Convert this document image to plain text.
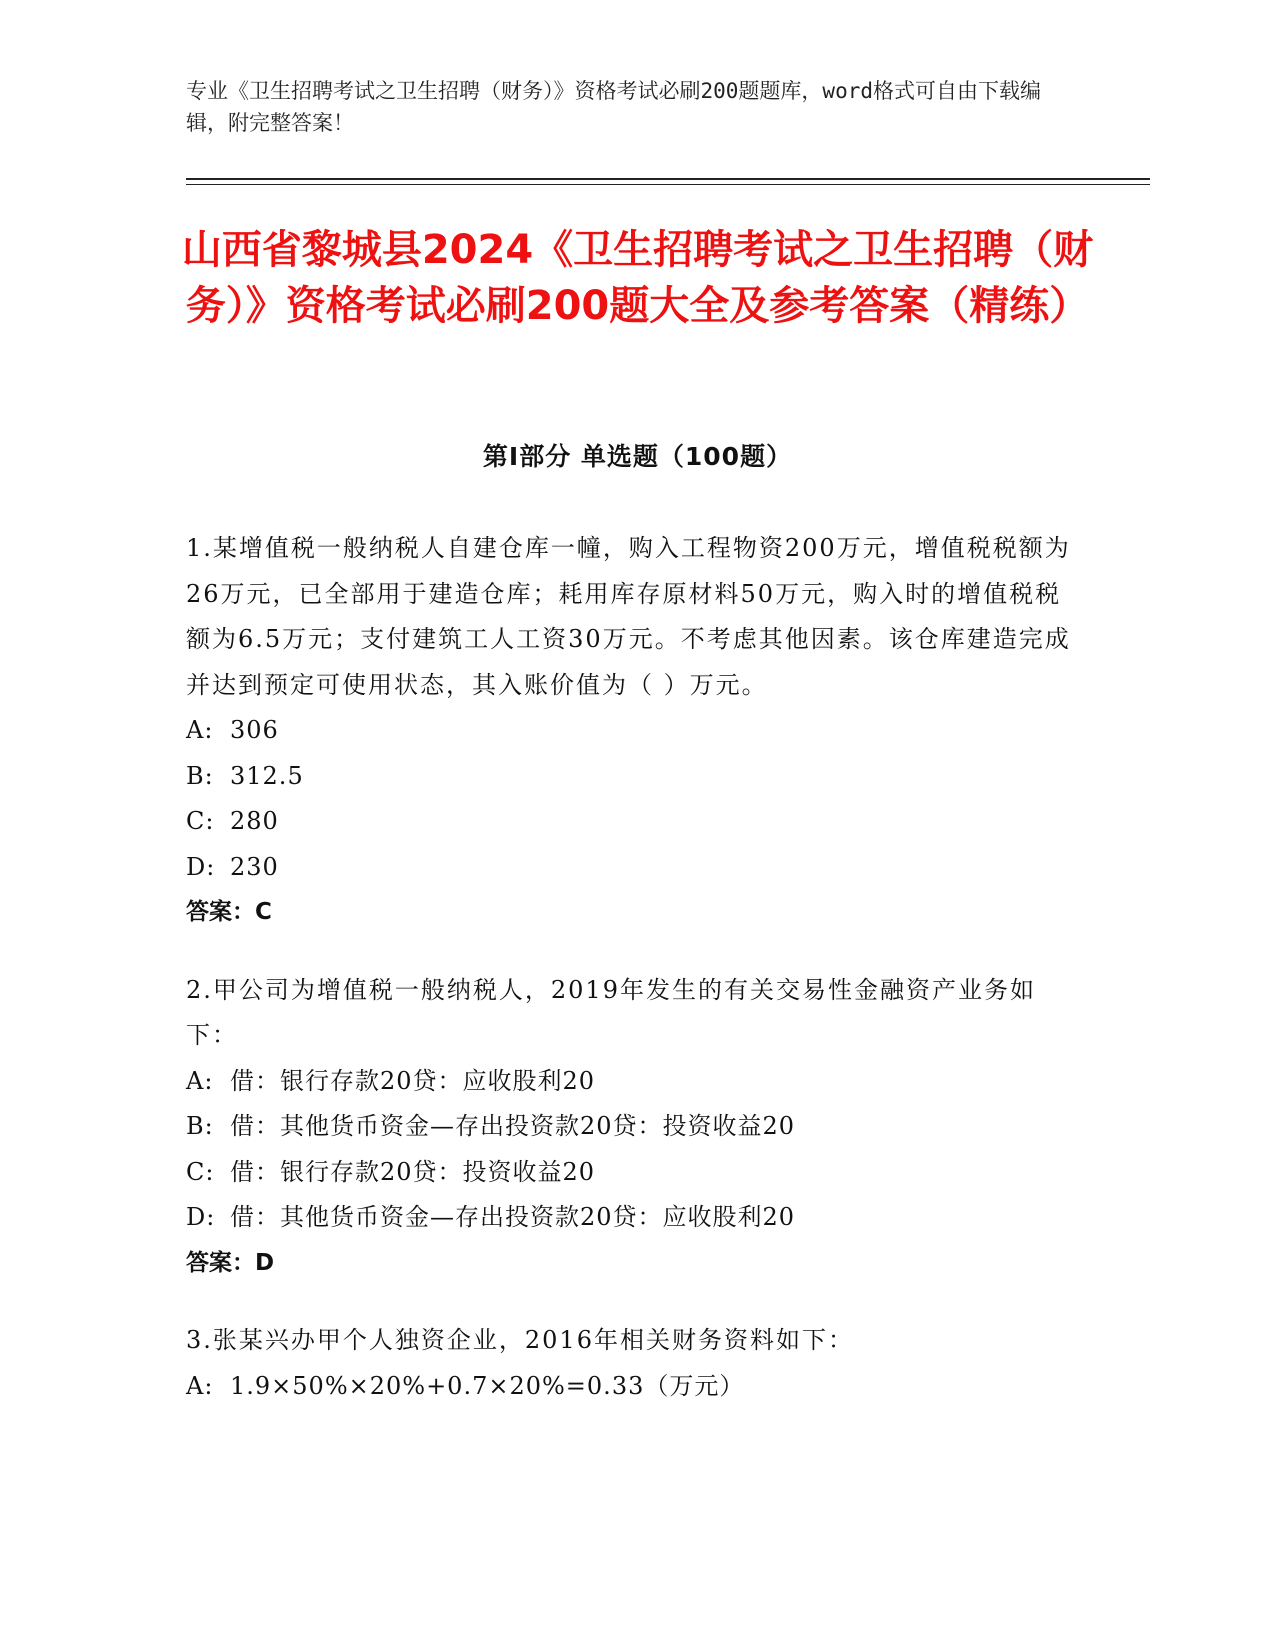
专业《卫生招聘考试之卫生招聘（财务）》资格考试必刷200题题库，word格式可自由下载编辑，附完整答案！
山西省黎城县2024《卫生招聘考试之卫生招聘（财务）》资格考试必刷200题大全及参考答案（精练）
第Ⅰ部分 单选题（100题）
1.某增值税一般纳税人自建仓库一幢，购入工程物资200万元，增值税税额为26万元，已全部用于建造仓库；耗用库存原材料50万元，购入时的增值税税额为6.5万元；支付建筑工人工资30万元。不考虑其他因素。该仓库建造完成并达到预定可使用状态，其入账价值为（ ）万元。
A: 306
B: 312.5
C: 280
D: 230
答案：C
2.甲公司为增值税一般纳税人，2019年发生的有关交易性金融资产业务如下：
A: 借：银行存款20贷：应收股利20
B: 借：其他货币资金—存出投资款20贷：投资收益20
C: 借：银行存款20贷：投资收益20
D: 借：其他货币资金—存出投资款20贷：应收股利20
答案：D
3.张某兴办甲个人独资企业，2016年相关财务资料如下：
A: 1.9×50%×20%+0.7×20%=0.33（万元）
